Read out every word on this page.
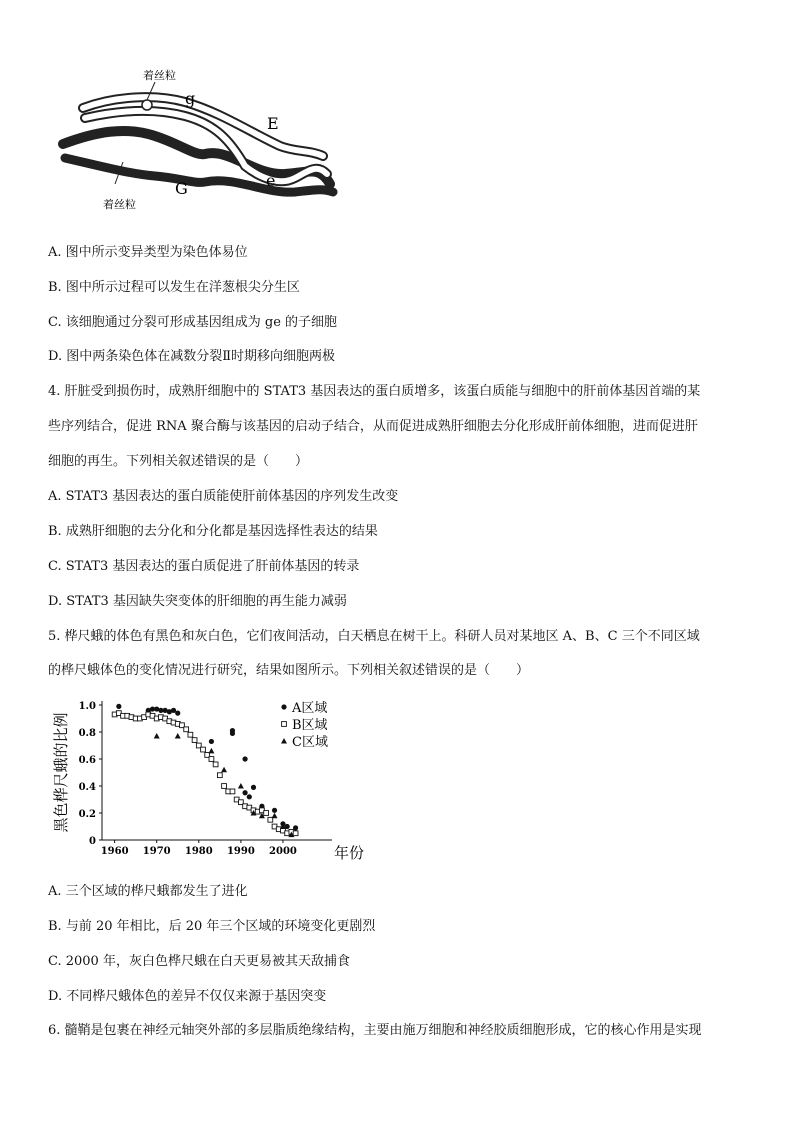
着丝粒
着丝粒
g
E
G	e
A. 图中所示变异类型为染色体易位
B. 图中所示过程可以发生在洋葱根尖分生区
C. 该细胞通过分裂可形成基因组成为 ge 的子细胞
D. 图中两条染色体在减数分裂Ⅱ时期移向细胞两极
4. 肝脏受到损伤时，成熟肝细胞中的 STAT3 基因表达的蛋白质增多，该蛋白质能与细胞中的肝前体基因首端的某
些序列结合，促进 RNA 聚合酶与该基因的启动子结合，从而促进成熟肝细胞去分化形成肝前体细胞，进而促进肝
细胞的再生。下列相关叙述错误的是（　　）
A. STAT3 基因表达的蛋白质能使肝前体基因的序列发生改变
B. 成熟肝细胞的去分化和分化都是基因选择性表达的结果
C. STAT3 基因表达的蛋白质促进了肝前体基因的转录
D. STAT3 基因缺失突变体的肝细胞的再生能力减弱
5. 桦尺蛾的体色有黑色和灰白色，它们夜间活动，白天栖息在树干上。科研人员对某地区 A、B、C 三个不同区域
的桦尺蛾体色的变化情况进行研究，结果如图所示。下列相关叙述错误的是（　　）
0
0.2
0.4
0.6
0.8
1.0
1960 1970 1980 1990 2000
黑色桦尺蛾的比例
年份
A区域
B区域
C区域
A. 三个区域的桦尺蛾都发生了进化
B. 与前 20 年相比，后 20 年三个区域的环境变化更剧烈
C. 2000 年，灰白色桦尺蛾在白天更易被其天敌捕食
D. 不同桦尺蛾体色的差异不仅仅来源于基因突变
6. 髓鞘是包裹在神经元轴突外部的多层脂质绝缘结构，主要由施万细胞和神经胶质细胞形成，它的核心作用是实现
